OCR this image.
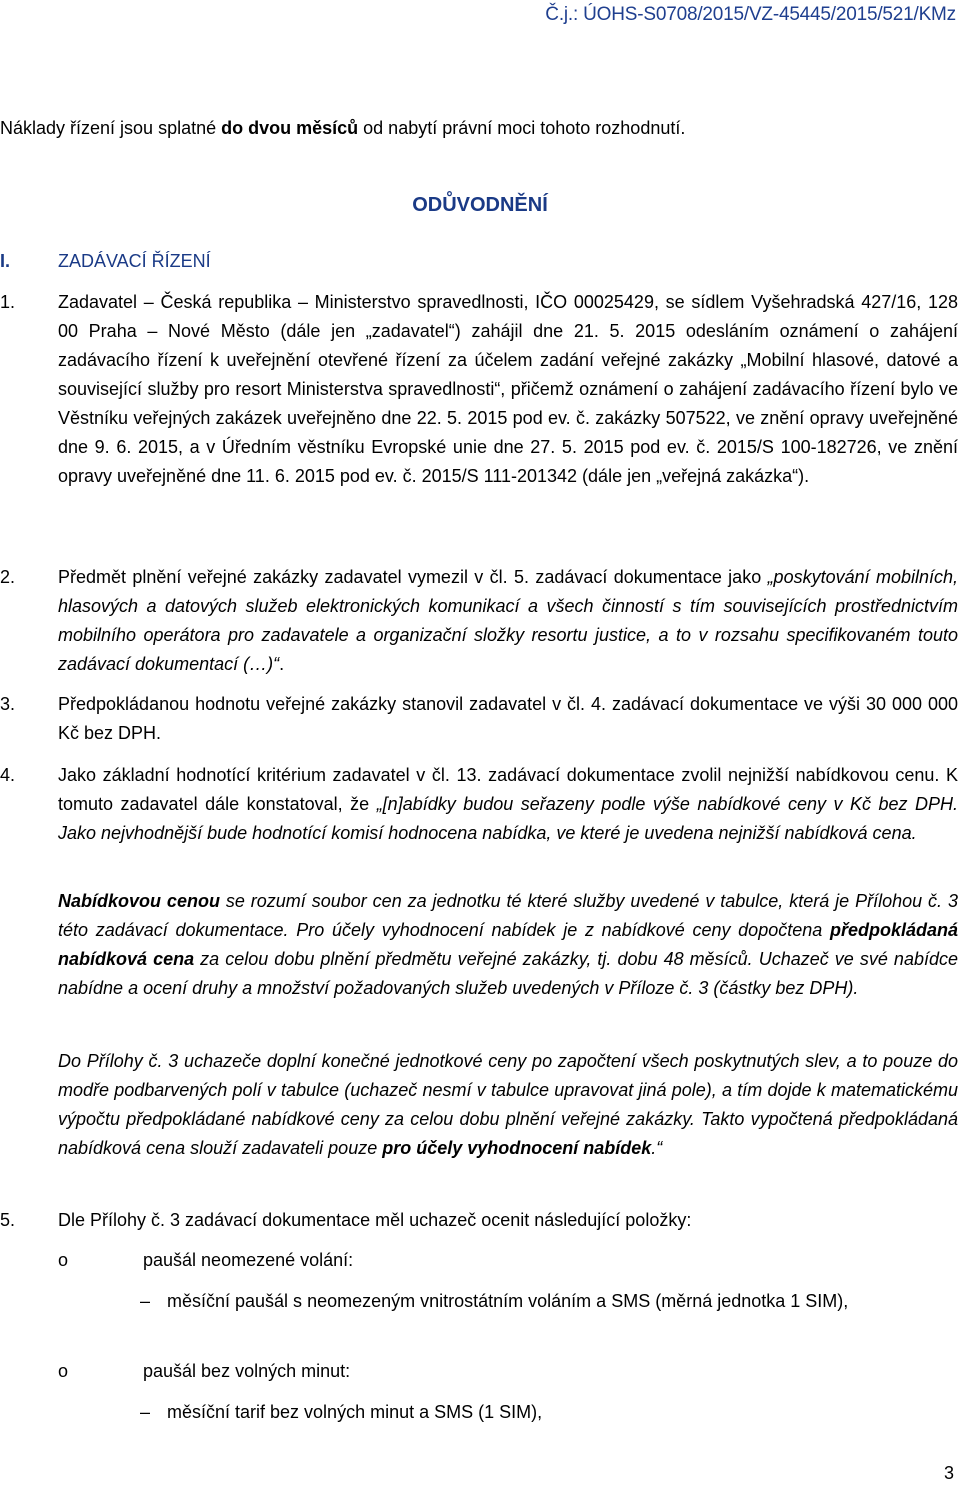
Č.j.: ÚOHS-S0708/2015/VZ-45445/2015/521/KMz
Náklady řízení jsou splatné do dvou měsíců od nabytí právní moci tohoto rozhodnutí.
ODŮVODNĚNÍ
I.	ZADÁVACÍ ŘÍZENÍ
1.	Zadavatel – Česká republika – Ministerstvo spravedlnosti, IČO 00025429, se sídlem Vyšehradská 427/16, 128 00 Praha – Nové Město (dále jen „zadavatel“) zahájil dne 21. 5. 2015 odesláním oznámení o zahájení zadávacího řízení k uveřejnění otevřené řízení za účelem zadání veřejné zakázky „Mobilní hlasové, datové a související služby pro resort Ministerstva spravedlnosti“, přičemž oznámení o zahájení zadávacího řízení bylo ve Věstníku veřejných zakázek uveřejněno dne 22. 5. 2015 pod ev. č. zakázky 507522, ve znění opravy uveřejněné dne 9. 6. 2015, a v Úředním věstníku Evropské unie dne 27. 5. 2015 pod ev. č. 2015/S 100-182726, ve znění opravy uveřejněné dne 11. 6. 2015 pod ev. č. 2015/S 111-201342 (dále jen „veřejná zakázka“).
2.	Předmět plnění veřejné zakázky zadavatel vymezil v čl. 5. zadávací dokumentace jako „poskytování mobilních, hlasových a datových služeb elektronických komunikací a všech činností s tím souvisejících prostřednictvím mobilního operátora pro zadavatele a organizační složky resortu justice, a to v rozsahu specifikovaném touto zadávací dokumentací (…)“.
3.	Předpokládanou hodnotu veřejné zakázky stanovil zadavatel v čl. 4. zadávací dokumentace ve výši 30 000 000 Kč bez DPH.
4.	Jako základní hodnotící kritérium zadavatel v čl. 13. zadávací dokumentace zvolil nejnižší nabídkovou cenu. K tomuto zadavatel dále konstatoval, že „[n]abídky budou seřazeny podle výše nabídkové ceny v Kč bez DPH. Jako nejvhodnější bude hodnotící komisí hodnocena nabídka, ve které je uvedena nejnižší nabídková cena.
Nabídkovou cenou se rozumí soubor cen za jednotku té které služby uvedené v tabulce, která je Přílohou č. 3 této zadávací dokumentace. Pro účely vyhodnocení nabídek je z nabídkové ceny dopočtena předpokládaná nabídková cena za celou dobu plnění předmětu veřejné zakázky, tj. dobu 48 měsíců. Uchazeč ve své nabídce nabídne a ocení druhy a množství požadovaných služeb uvedených v Příloze č. 3 (částky bez DPH).
Do Přílohy č. 3 uchazeče doplní konečné jednotkové ceny po započtení všech poskytnutých slev, a to pouze do modře podbarvených polí v tabulce (uchazeč nesmí v tabulce upravovat jiná pole), a tím dojde k matematickému výpočtu předpokládané nabídkové ceny za celou dobu plnění veřejné zakázky. Takto vypočtená předpokládaná nabídková cena slouží zadavateli pouze pro účely vyhodnocení nabídek.“
5.	Dle Přílohy č. 3 zadávací dokumentace měl uchazeč ocenit následující položky:
o	paušál neomezené volání:
– měsíční paušál s neomezeným vnitrostátním voláním a SMS (měrná jednotka 1 SIM),
o	paušál bez volných minut:
– měsíční tarif bez volných minut a SMS (1 SIM),
3
